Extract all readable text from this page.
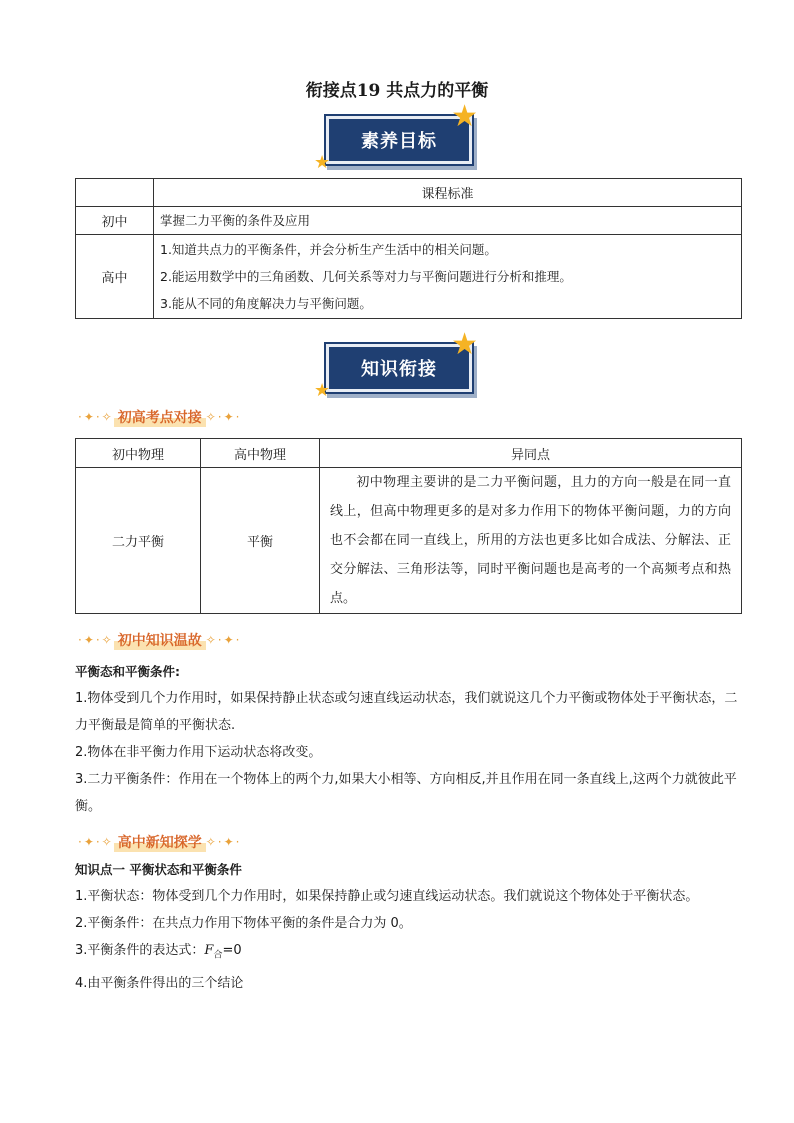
衔接点19 共点力的平衡
素养目标
★
★
	课程标准
初中	掌握二力平衡的条件及应用

高中	1.知道共点力的平衡条件，并会分析生产生活中的相关问题。

2.能运用数学中的三角函数、几何关系等对力与平衡问题进行分析和推理。

3.能从不同的角度解决力与平衡问题。

知识衔接
★
★
·✦·✧ 初高考点对接 ✧·✦·
初中物理	高中物理	异同点
二力平衡	平衡	初中物理主要讲的是二力平衡问题，且力的方向一般是在同一直线上，但高中物理更多的是对多力作用下的物体平衡问题，力的方向也不会都在同一直线上，所用的方法也更多比如合成法、分解法、正交分解法、三角形法等，同时平衡问题也是高考的一个高频考点和热点。
·✦·✧ 初中知识温故 ✧·✦·

平衡态和平衡条件:

1.物体受到几个力作用时，如果保持静止状态或匀速直线运动状态，我们就说这几个力平衡或物体处于平衡状态，二力平衡最是简单的平衡状态.

2.物体在非平衡力作用下运动状态将改变。

3.二力平衡条件：作用在一个物体上的两个力,如果大小相等、方向相反,并且作用在同一条直线上,这两个力就彼此平衡。

·✦·✧ 高中新知探学 ✧·✦·

知识点一 平衡状态和平衡条件

1.平衡状态：物体受到几个力作用时，如果保持静止或匀速直线运动状态。我们就说这个物体处于平衡状态。

2.平衡条件：在共点力作用下物体平衡的条件是合力为 0。

3.平衡条件的表达式：$F_合=0$

4.由平衡条件得出的三个结论
